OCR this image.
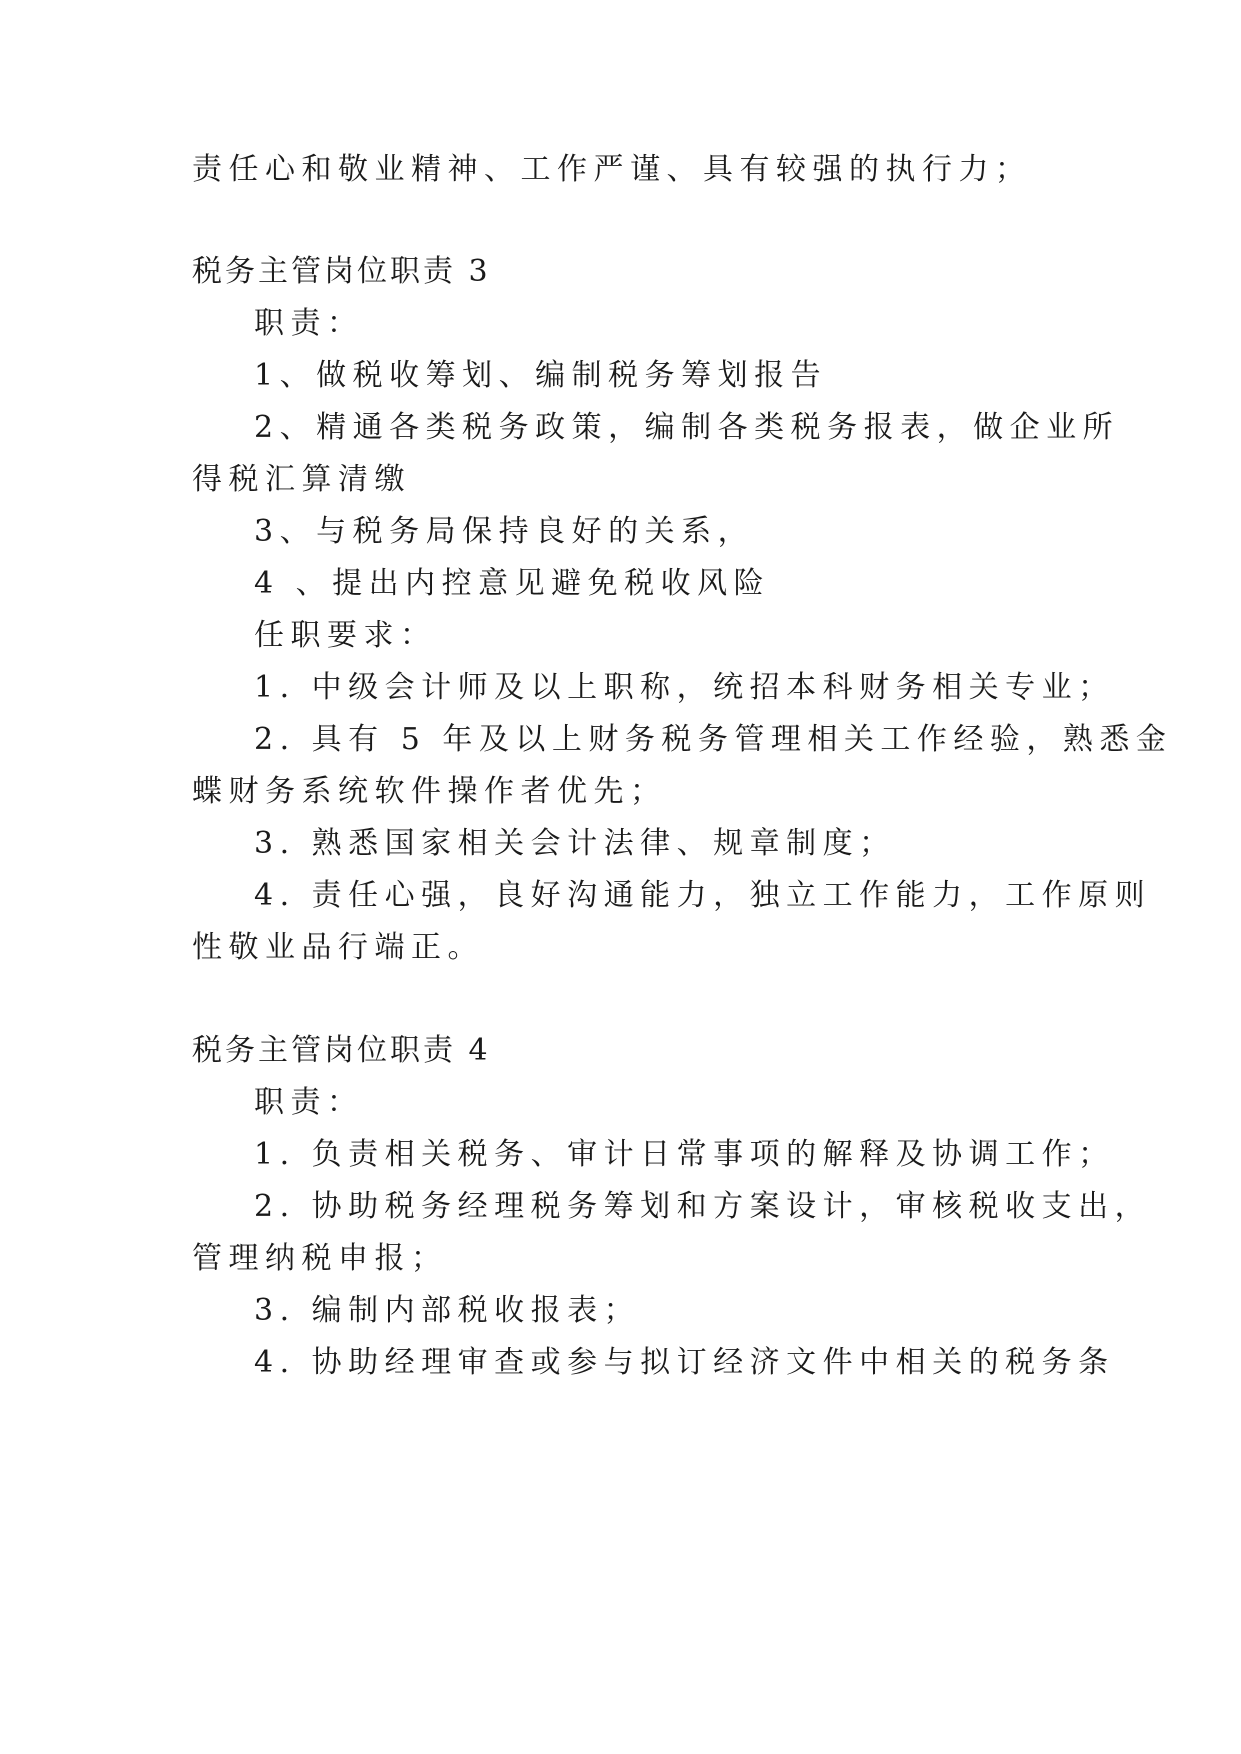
责任心和敬业精神、工作严谨、具有较强的执行力；

税务主管岗位职责 3

职责：

1、做税收筹划、编制税务筹划报告

2、精通各类税务政策，编制各类税务报表，做企业所

得税汇算清缴

3、与税务局保持良好的关系，

4 、提出内控意见避免税收风险

任职要求：

1. 中级会计师及以上职称，统招本科财务相关专业；

2. 具有 5 年及以上财务税务管理相关工作经验，熟悉金

蝶财务系统软件操作者优先；

3. 熟悉国家相关会计法律、规章制度；

4. 责任心强，良好沟通能力，独立工作能力，工作原则

性敬业品行端正。

税务主管岗位职责 4

职责：

1. 负责相关税务、审计日常事项的解释及协调工作；

2. 协助税务经理税务筹划和方案设计，审核税收支出，

管理纳税申报；

3. 编制内部税收报表；

4. 协助经理审查或参与拟订经济文件中相关的税务条
